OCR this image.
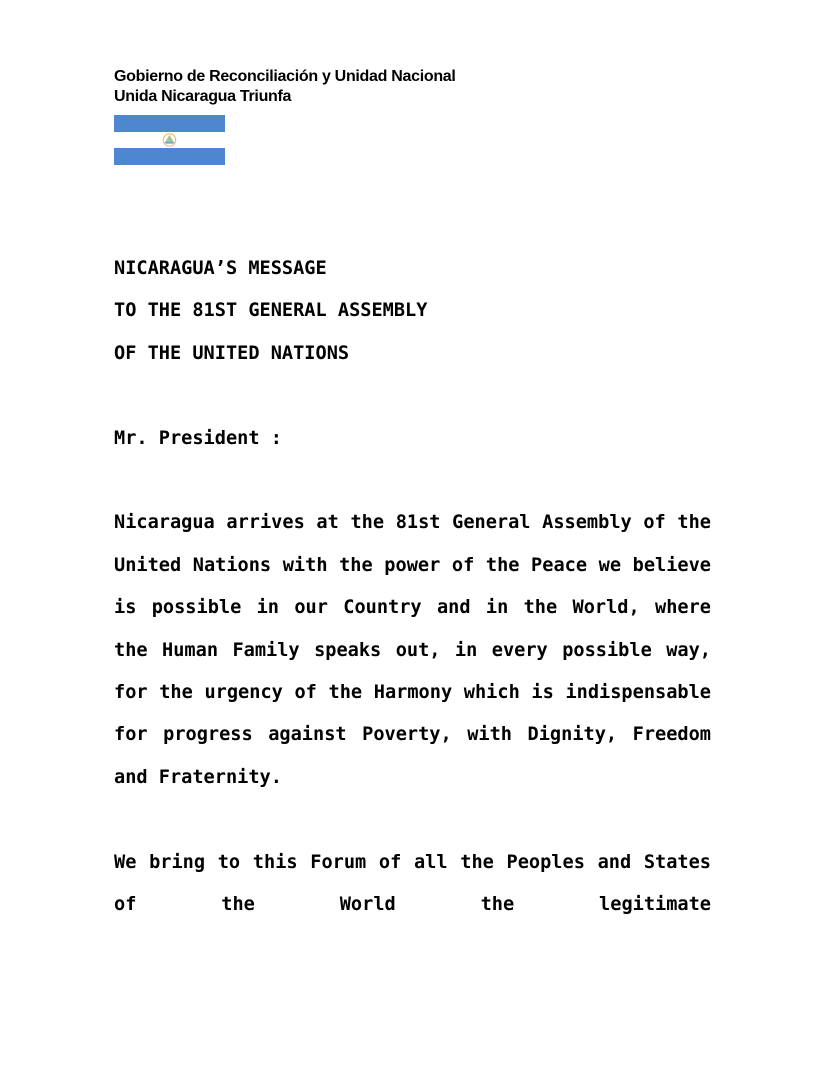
Gobierno de Reconciliación y Unidad Nacional
Unida Nicaragua Triunfa
NICARAGUA’S MESSAGE
TO THE 81ST GENERAL ASSEMBLY
OF THE UNITED NATIONS
Mr. President :
Nicaragua arrives at the 81st General Assembly of the United Nations with the power of the Peace we believe is possible in our Country and in the World, where the Human Family speaks out, in every possible way, for the urgency of the Harmony which is indispensable for progress against Poverty, with Dignity, Freedom and Fraternity.
We bring to this Forum of all the Peoples and States of the World the legitimate
